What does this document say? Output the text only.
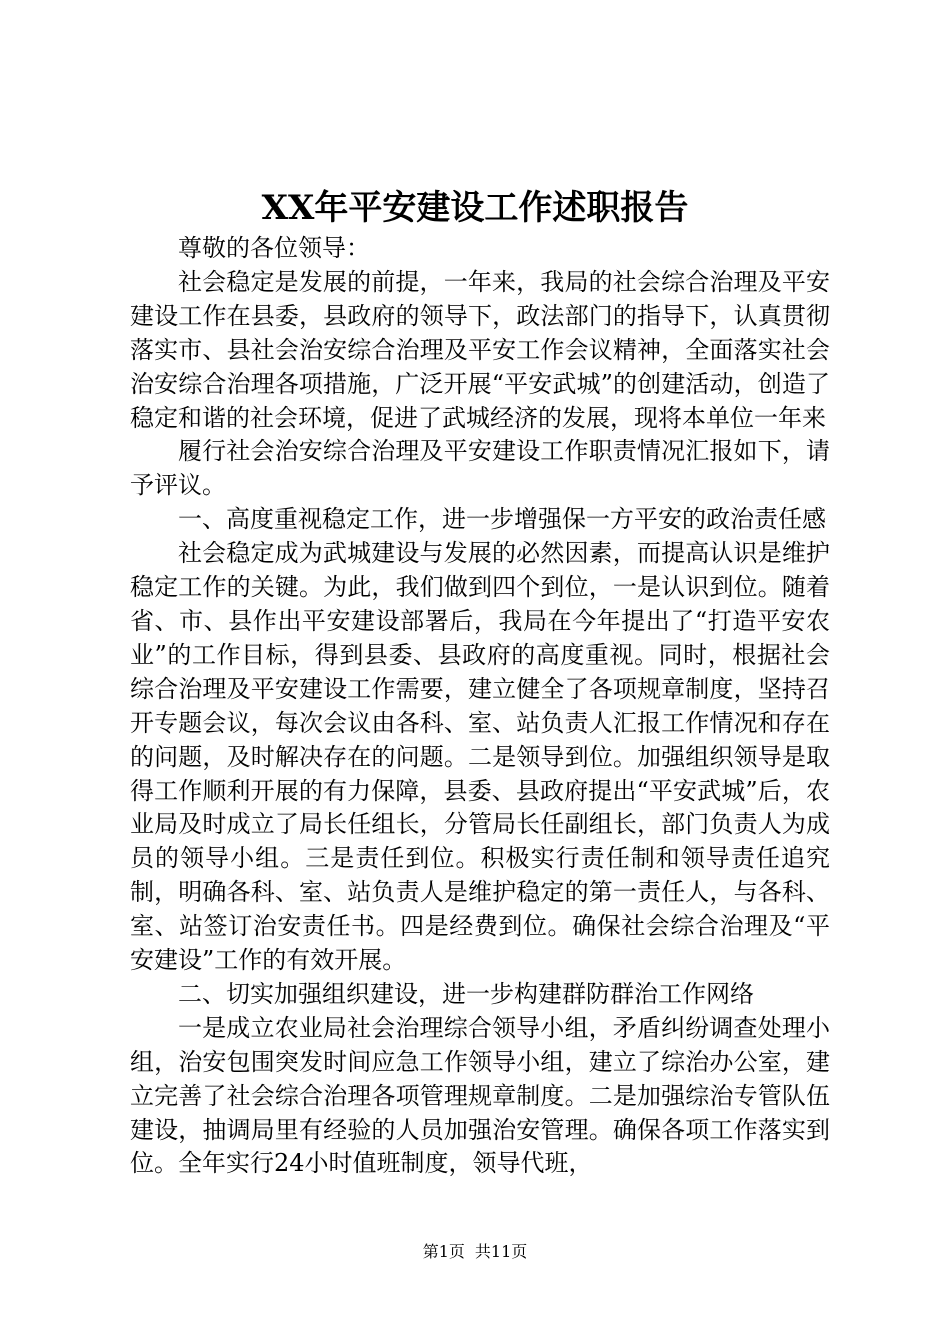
XX年平安建设工作述职报告

尊敬的各位领导：

社会稳定是发展的前提，一年来，我局的社会综合治理及平安建设工作在县委，县政府的领导下，政法部门的指导下，认真贯彻落实市、县社会治安综合治理及平安工作会议精神，全面落实社会治安综合治理各项措施，广泛开展“平安武城”的创建活动，创造了稳定和谐的社会环境，促进了武城经济的发展，现将本单位一年来

履行社会治安综合治理及平安建设工作职责情况汇报如下，请予评议。

一、高度重视稳定工作，进一步增强保一方平安的政治责任感

社会稳定成为武城建设与发展的必然因素，而提高认识是维护稳定工作的关键。为此，我们做到四个到位，一是认识到位。随着省、市、县作出平安建设部署后，我局在今年提出了“打造平安农业”的工作目标，得到县委、县政府的高度重视。同时，根据社会综合治理及平安建设工作需要，建立健全了各项规章制度，坚持召开专题会议，每次会议由各科、室、站负责人汇报工作情况和存在的问题，及时解决存在的问题。二是领导到位。加强组织领导是取得工作顺利开展的有力保障，县委、县政府提出“平安武城”后，农业局及时成立了局长任组长，分管局长任副组长，部门负责人为成员的领导小组。三是责任到位。积极实行责任制和领导责任追究制，明确各科、室、站负责人是维护稳定的第一责任人，与各科、室、站签订治安责任书。四是经费到位。确保社会综合治理及“平安建设”工作的有效开展。

二、切实加强组织建设，进一步构建群防群治工作网络

一是成立农业局社会治理综合领导小组，矛盾纠纷调查处理小组，治安包围突发时间应急工作领导小组，建立了综治办公室，建立完善了社会综合治理各项管理规章制度。二是加强综治专管队伍建设，抽调局里有经验的人员加强治安管理。确保各项工作落实到位。全年实行24小时值班制度，领导代班，

第1页 共11页
